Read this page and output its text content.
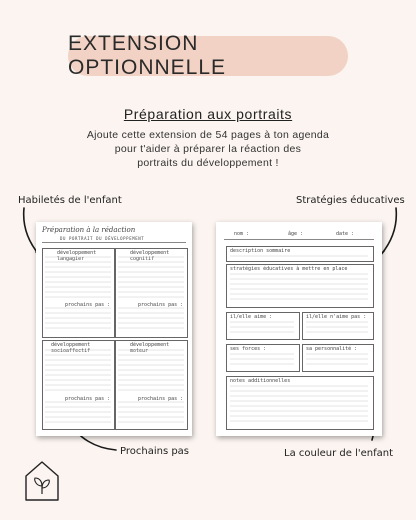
EXTENSION OPTIONNELLE
Préparation aux portraits
Ajoute cette extension de 54 pages à ton agenda
pour t'aider à préparer la réaction des
portraits du développement !
Habiletés de l'enfant	Stratégies éducatives
Prochains pas	La couleur de l'enfant
Préparation à la rédaction
DU PORTRAIT DU DÉVELOPPEMENT
développement langagier
prochains pas :
développement cognitif
prochains pas :
développement socioaffectif
prochains pas :
développement moteur
prochains pas :
nom :	âge :	date :
description sommaire
stratégies éducatives à mettre en place
il/elle aime :	il/elle n'aime pas :
ses forces :	sa personnalité :
notes additionnelles
